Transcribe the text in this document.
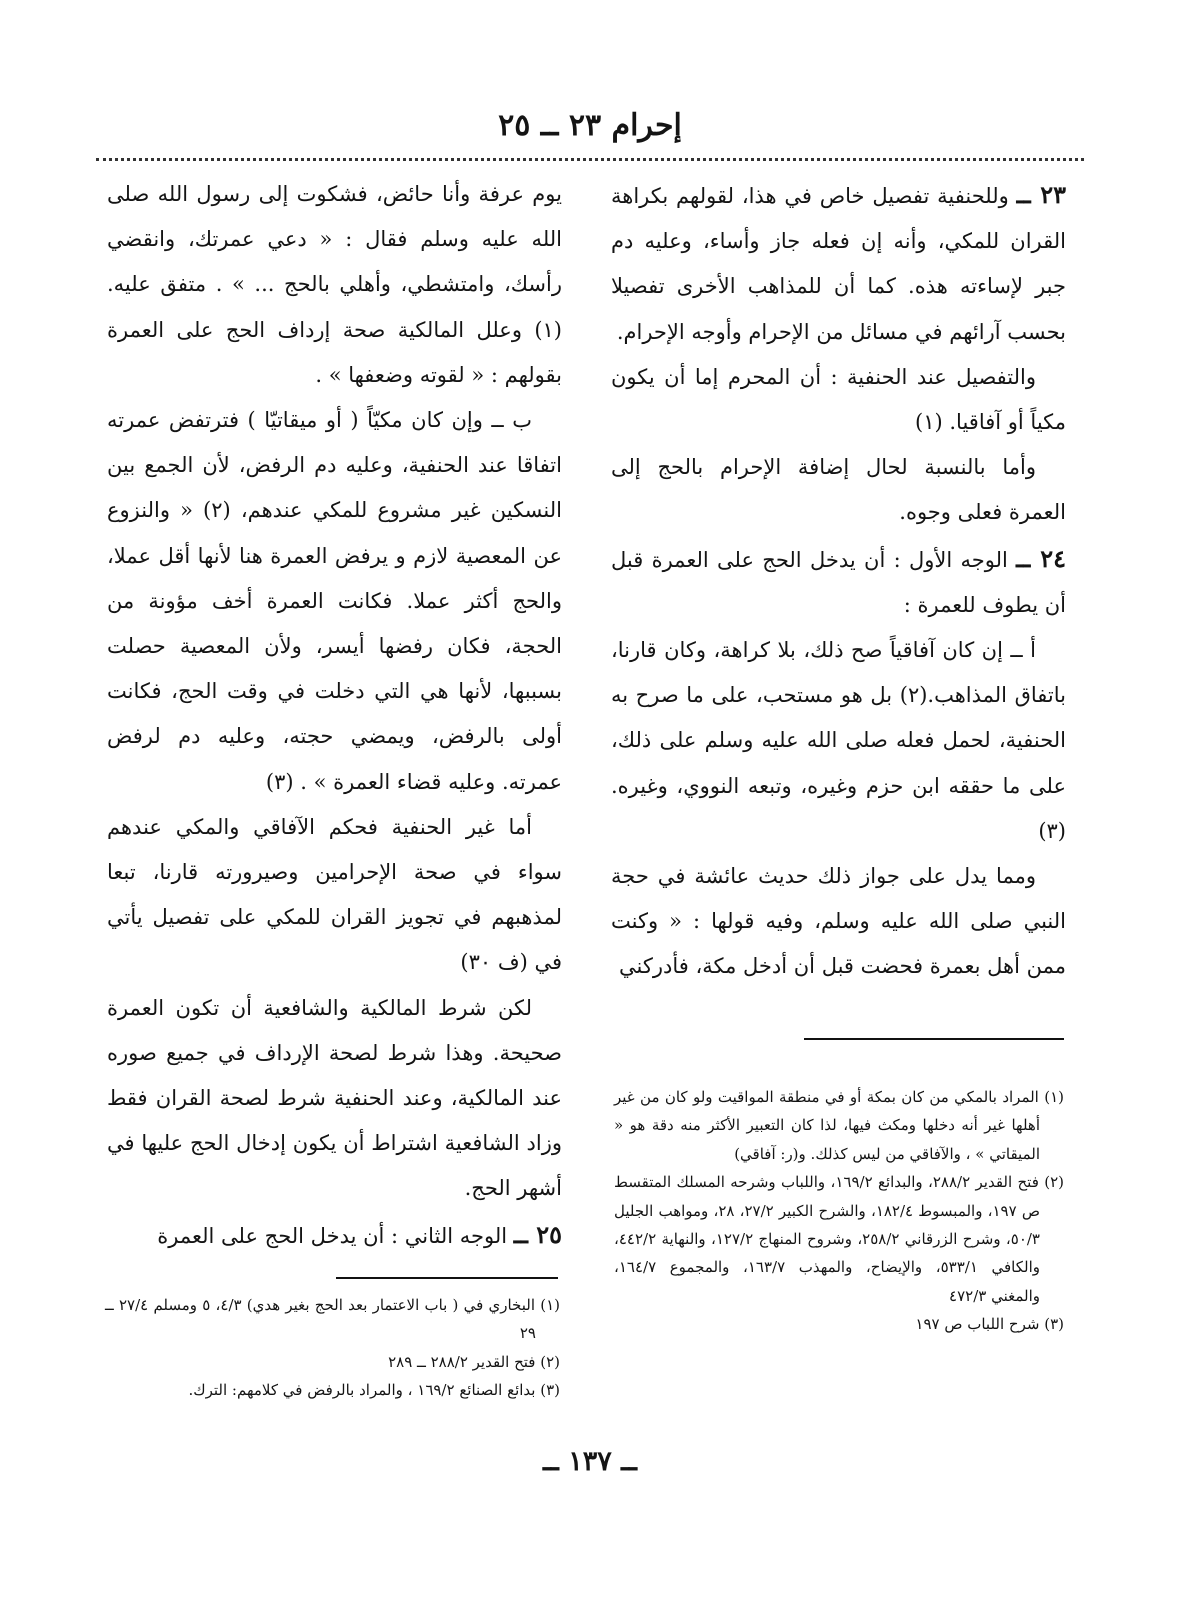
إحرام ٢٣ ــ ٢٥

٢٣ ــ وللحنفية تفصيل خاص في هذا، لقولهم بكراهة القران للمكي، وأنه إن فعله جاز وأساء، وعليه دم جبر لإساءته هذه. كما أن للمذاهب الأخرى تفصيلا بحسب آرائهم في مسائل من الإحرام وأوجه الإحرام.

والتفصيل عند الحنفية : أن المحرم إما أن يكون مكياً أو آفاقيا. (١)

وأما بالنسبة لحال إضافة الإحرام بالحج إلى العمرة فعلى وجوه.

٢٤ ــ الوجه الأول : أن يدخل الحج على العمرة قبل أن يطوف للعمرة :

أ ــ إن كان آفاقياً صح ذلك، بلا كراهة، وكان قارنا، باتفاق المذاهب.(٢) بل هو مستحب، على ما صرح به الحنفية، لحمل فعله صلى الله عليه وسلم على ذلك، على ما حققه ابن حزم وغيره، وتبعه النووي، وغيره. (٣)

ومما يدل على جواز ذلك حديث عائشة في حجة النبي صلى الله عليه وسلم، وفيه قولها : « وكنت ممن أهل بعمرة فحضت قبل أن أدخل مكة، فأدركني

يوم عرفة وأنا حائض، فشكوت إلى رسول الله صلى الله عليه وسلم فقال : « دعي عمرتك، وانقضي رأسك، وامتشطي، وأهلي بالحج ... » . متفق عليه. (١) وعلل المالكية صحة إرداف الحج على العمرة بقولهم : « لقوته وضعفها » .

ب ــ وإن كان مكيّاً ( أو ميقاتيّا ) فترتفض عمرته اتفاقا عند الحنفية، وعليه دم الرفض، لأن الجمع بين النسكين غير مشروع للمكي عندهم، (٢) « والنزوع عن المعصية لازم و يرفض العمرة هنا لأنها أقل عملا، والحج أكثر عملا. فكانت العمرة أخف مؤونة من الحجة، فكان رفضها أيسر، ولأن المعصية حصلت بسببها، لأنها هي التي دخلت في وقت الحج، فكانت أولى بالرفض، ويمضي حجته، وعليه دم لرفض عمرته. وعليه قضاء العمرة » . (٣)

أما غير الحنفية فحكم الآفاقي والمكي عندهم سواء في صحة الإحرامين وصيرورته قارنا، تبعا لمذهبهم في تجويز القران للمكي على تفصيل يأتي في (ف ٣٠)

لكن شرط المالكية والشافعية أن تكون العمرة صحيحة. وهذا شرط لصحة الإرداف في جميع صوره عند المالكية، وعند الحنفية شرط لصحة القران فقط وزاد الشافعية اشتراط أن يكون إدخال الحج عليها في أشهر الحج.

٢٥ ــ الوجه الثاني : أن يدخل الحج على العمرة

(١) المراد بالمكي من كان بمكة أو في منطقة المواقيت ولو كان من غير أهلها غير أنه دخلها ومكث فيها، لذا كان التعبير الأكثر منه دقة هو « الميقاتي » ، والآفاقي من ليس كذلك. و(ر: آفاقي)

(٢) فتح القدير ٢٨٨/٢، والبدائع ١٦٩/٢، واللباب وشرحه المسلك المتقسط ص ١٩٧، والمبسوط ١٨٢/٤، والشرح الكبير ٢٧/٢، ٢٨، ومواهب الجليل ٥٠/٣، وشرح الزرقاني ٢٥٨/٢، وشروح المنهاج ١٢٧/٢، والنهاية ٤٤٢/٢، والكافي ٥٣٣/١، والإيضاح، والمهذب ١٦٣/٧، والمجموع ١٦٤/٧، والمغني ٤٧٢/٣

(٣) شرح اللباب ص ١٩٧

(١) البخاري في ( باب الاعتمار بعد الحج بغير هدي) ٤/٣، ٥ ومسلم ٢٧/٤ ــ ٢٩

(٢) فتح القدير ٢٨٨/٢ ــ ٢٨٩

(٣) بدائع الصنائع ١٦٩/٢ ، والمراد بالرفض في كلامهم: الترك.

ــ ١٣٧ ــ
